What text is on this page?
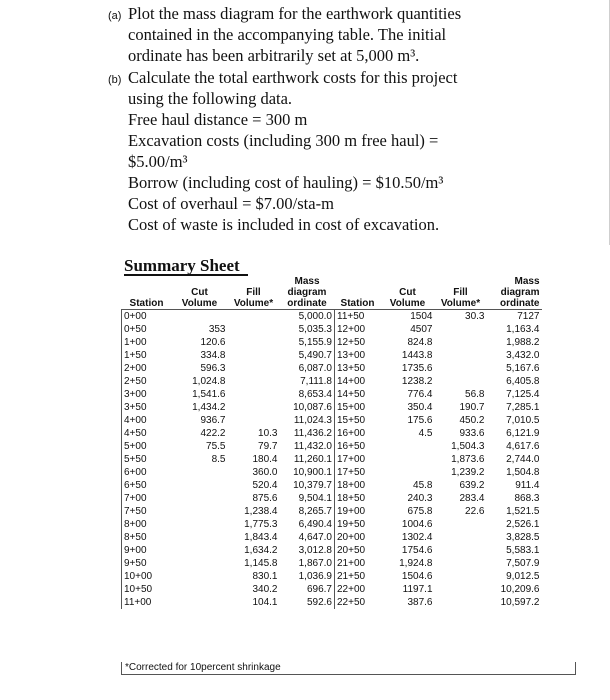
(a) Plot the mass diagram for the earthwork quantities
contained in the accompanying table. The initial
ordinate has been arbitrarily set at 5,000 m³.
(b) Calculate the total earthwork costs for this project
using the following data.
Free haul distance = 300 m
Excavation costs (including 300 m free haul) =
$5.00/m³
Borrow (including cost of hauling) = $10.50/m³
Cost of overhaul = $7.00/sta-m
Cost of waste is included in cost of excavation.
Summary Sheet
			Mass				Mass
	Cut	Fill	diagram		Cut	Fill	diagram
Station	Volume	Volume*	ordinate	Station	Volume	Volume*	ordinate
0+00			5,000.0	11+50	1504	30.3	7127
0+50	353		5,035.3	12+00	4507		1,163.4
1+00	120.6		5,155.9	12+50	824.8		1,988.2
1+50	334.8		5,490.7	13+00	1443.8		3,432.0
2+00	596.3		6,087.0	13+50	1735.6		5,167.6
2+50	1,024.8		7,111.8	14+00	1238.2		6,405.8
3+00	1,541.6		8,653.4	14+50	776.4	56.8	7,125.4
3+50	1,434.2		10,087.6	15+00	350.4	190.7	7,285.1
4+00	936.7		11,024.3	15+50	175.6	450.2	7,010.5
4+50	422.2	10.3	11,436.2	16+00	4.5	933.6	6,121.9
5+00	75.5	79.7	11,432.0	16+50		1,504.3	4,617.6
5+50	8.5	180.4	11,260.1	17+00		1,873.6	2,744.0
6+00		360.0	10,900.1	17+50		1,239.2	1,504.8
6+50		520.4	10,379.7	18+00	45.8	639.2	911.4
7+00		875.6	9,504.1	18+50	240.3	283.4	868.3
7+50		1,238.4	8,265.7	19+00	675.8	22.6	1,521.5
8+00		1,775.3	6,490.4	19+50	1004.6		2,526.1
8+50		1,843.4	4,647.0	20+00	1302.4		3,828.5
9+00		1,634.2	3,012.8	20+50	1754.6		5,583.1
9+50		1,145.8	1,867.0	21+00	1,924.8		7,507.9
10+00		830.1	1,036.9	21+50	1504.6		9,012.5
10+50		340.2	696.7	22+00	1197.1		10,209.6
11+00		104.1	592.6	22+50	387.6		10,597.2
*Corrected for 10percent shrinkage
